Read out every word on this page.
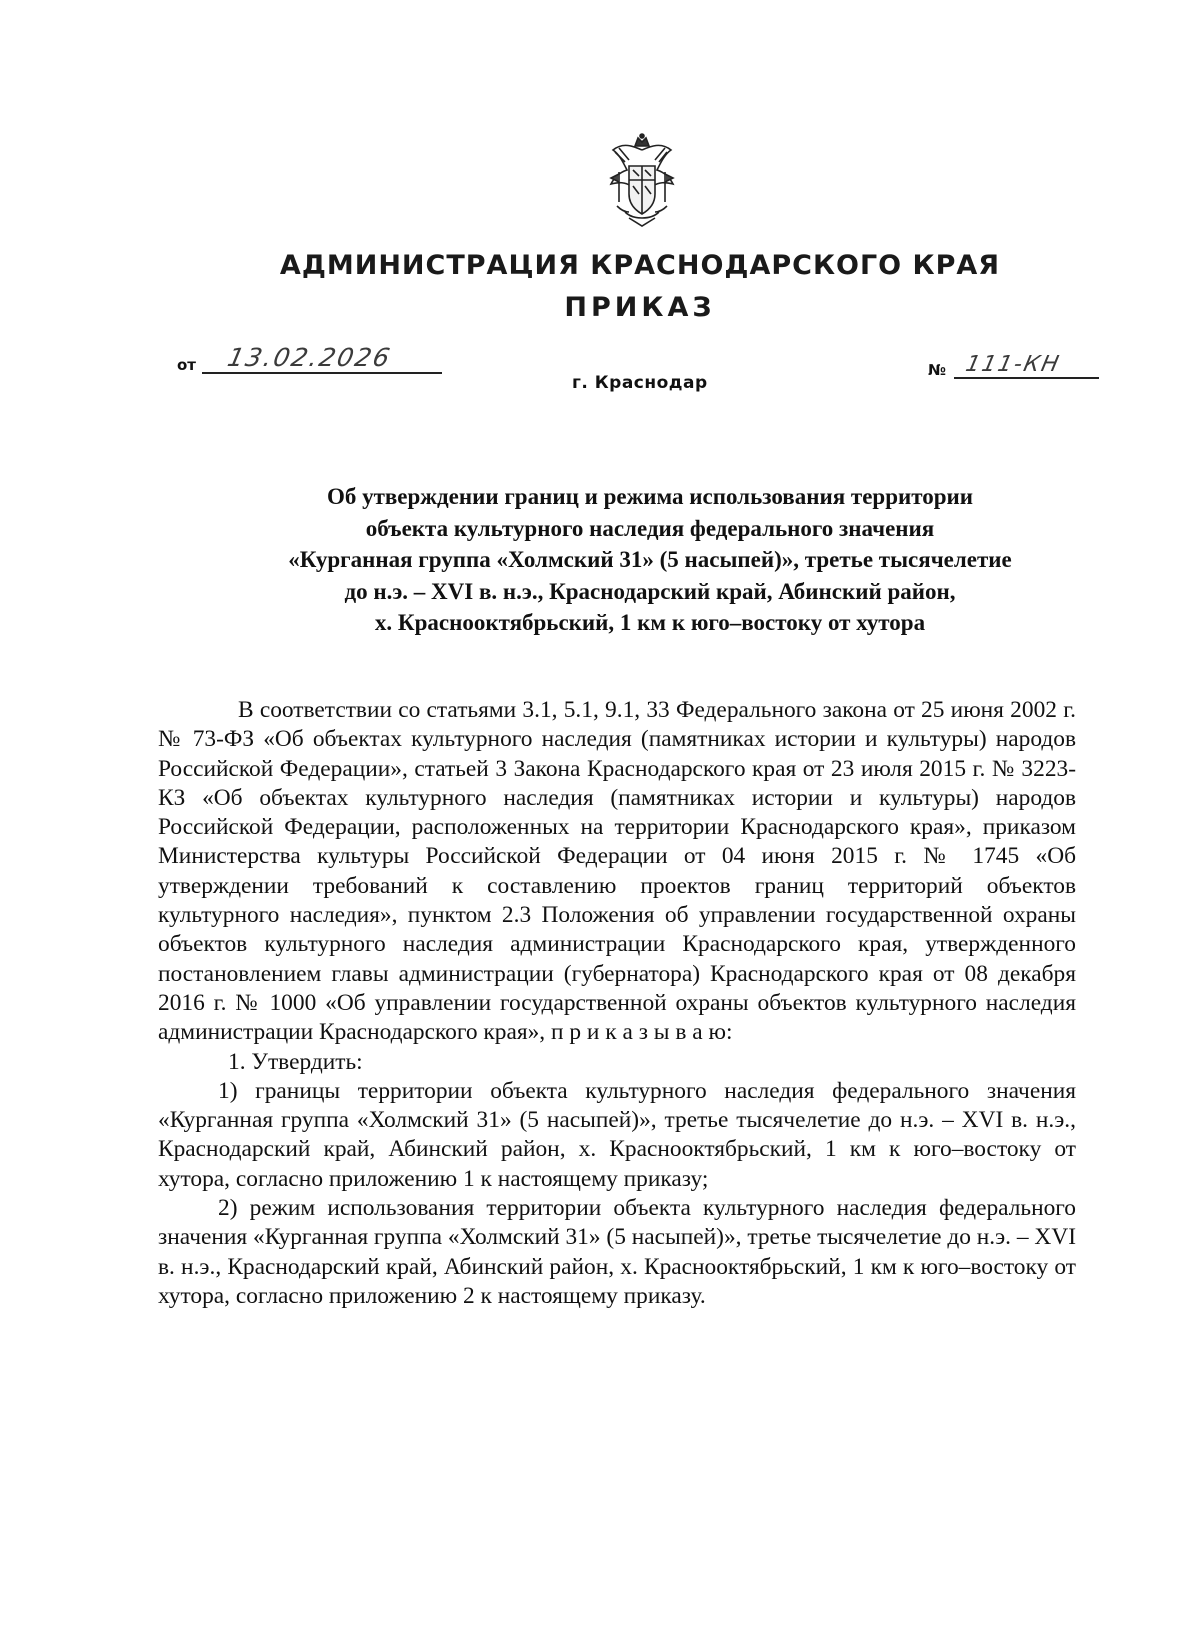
АДМИНИСТРАЦИЯ КРАСНОДАРСКОГО КРАЯ
ПРИКАЗ
от 13.02.2026
г. Краснодар
№ 111-КН
Об утверждении границ и режима использования территории
объекта культурного наследия федерального значения
«Курганная группа «Холмский 31» (5 насыпей)», третье тысячелетие
до н.э. – XVI в. н.э., Краснодарский край, Абинский район,
х. Краснооктябрьский, 1 км к юго–востоку от хутора

В соответствии со статьями 3.1, 5.1, 9.1, 33 Федерального закона от 25 июня 2002 г. № 73-ФЗ «Об объектах культурного наследия (памятниках истории и культуры) народов Российской Федерации», статьей 3 Закона Краснодарского края от 23 июля 2015 г. № 3223-КЗ «Об объектах культурного наследия (памятниках истории и культуры) народов Российской Федерации, расположенных на территории Краснодарского края», приказом Министерства культуры Российской Федерации от 04 июня 2015 г. № 1745 «Об утверждении требований к составлению проектов границ территорий объектов культурного наследия», пунктом 2.3 Положения об управлении государственной охраны объектов культурного наследия администрации Краснодарского края, утвержденного постановлением главы администрации (губернатора) Краснодарского края от 08 декабря 2016 г. № 1000 «Об управлении государственной охраны объектов культурного наследия администрации Краснодарского края», п р и к а з ы в а ю:

1. Утвердить:

1) границы территории объекта культурного наследия федерального значения «Курганная группа «Холмский 31» (5 насыпей)», третье тысячелетие до н.э. – XVI в. н.э., Краснодарский край, Абинский район, х. Краснооктябрьский, 1 км к юго–востоку от хутора, согласно приложению 1 к настоящему приказу;

2) режим использования территории объекта культурного наследия федерального значения «Курганная группа «Холмский 31» (5 насыпей)», третье тысячелетие до н.э. – XVI в. н.э., Краснодарский край, Абинский район, х. Краснооктябрьский, 1 км к юго–востоку от хутора, согласно приложению 2 к настоящему приказу.
